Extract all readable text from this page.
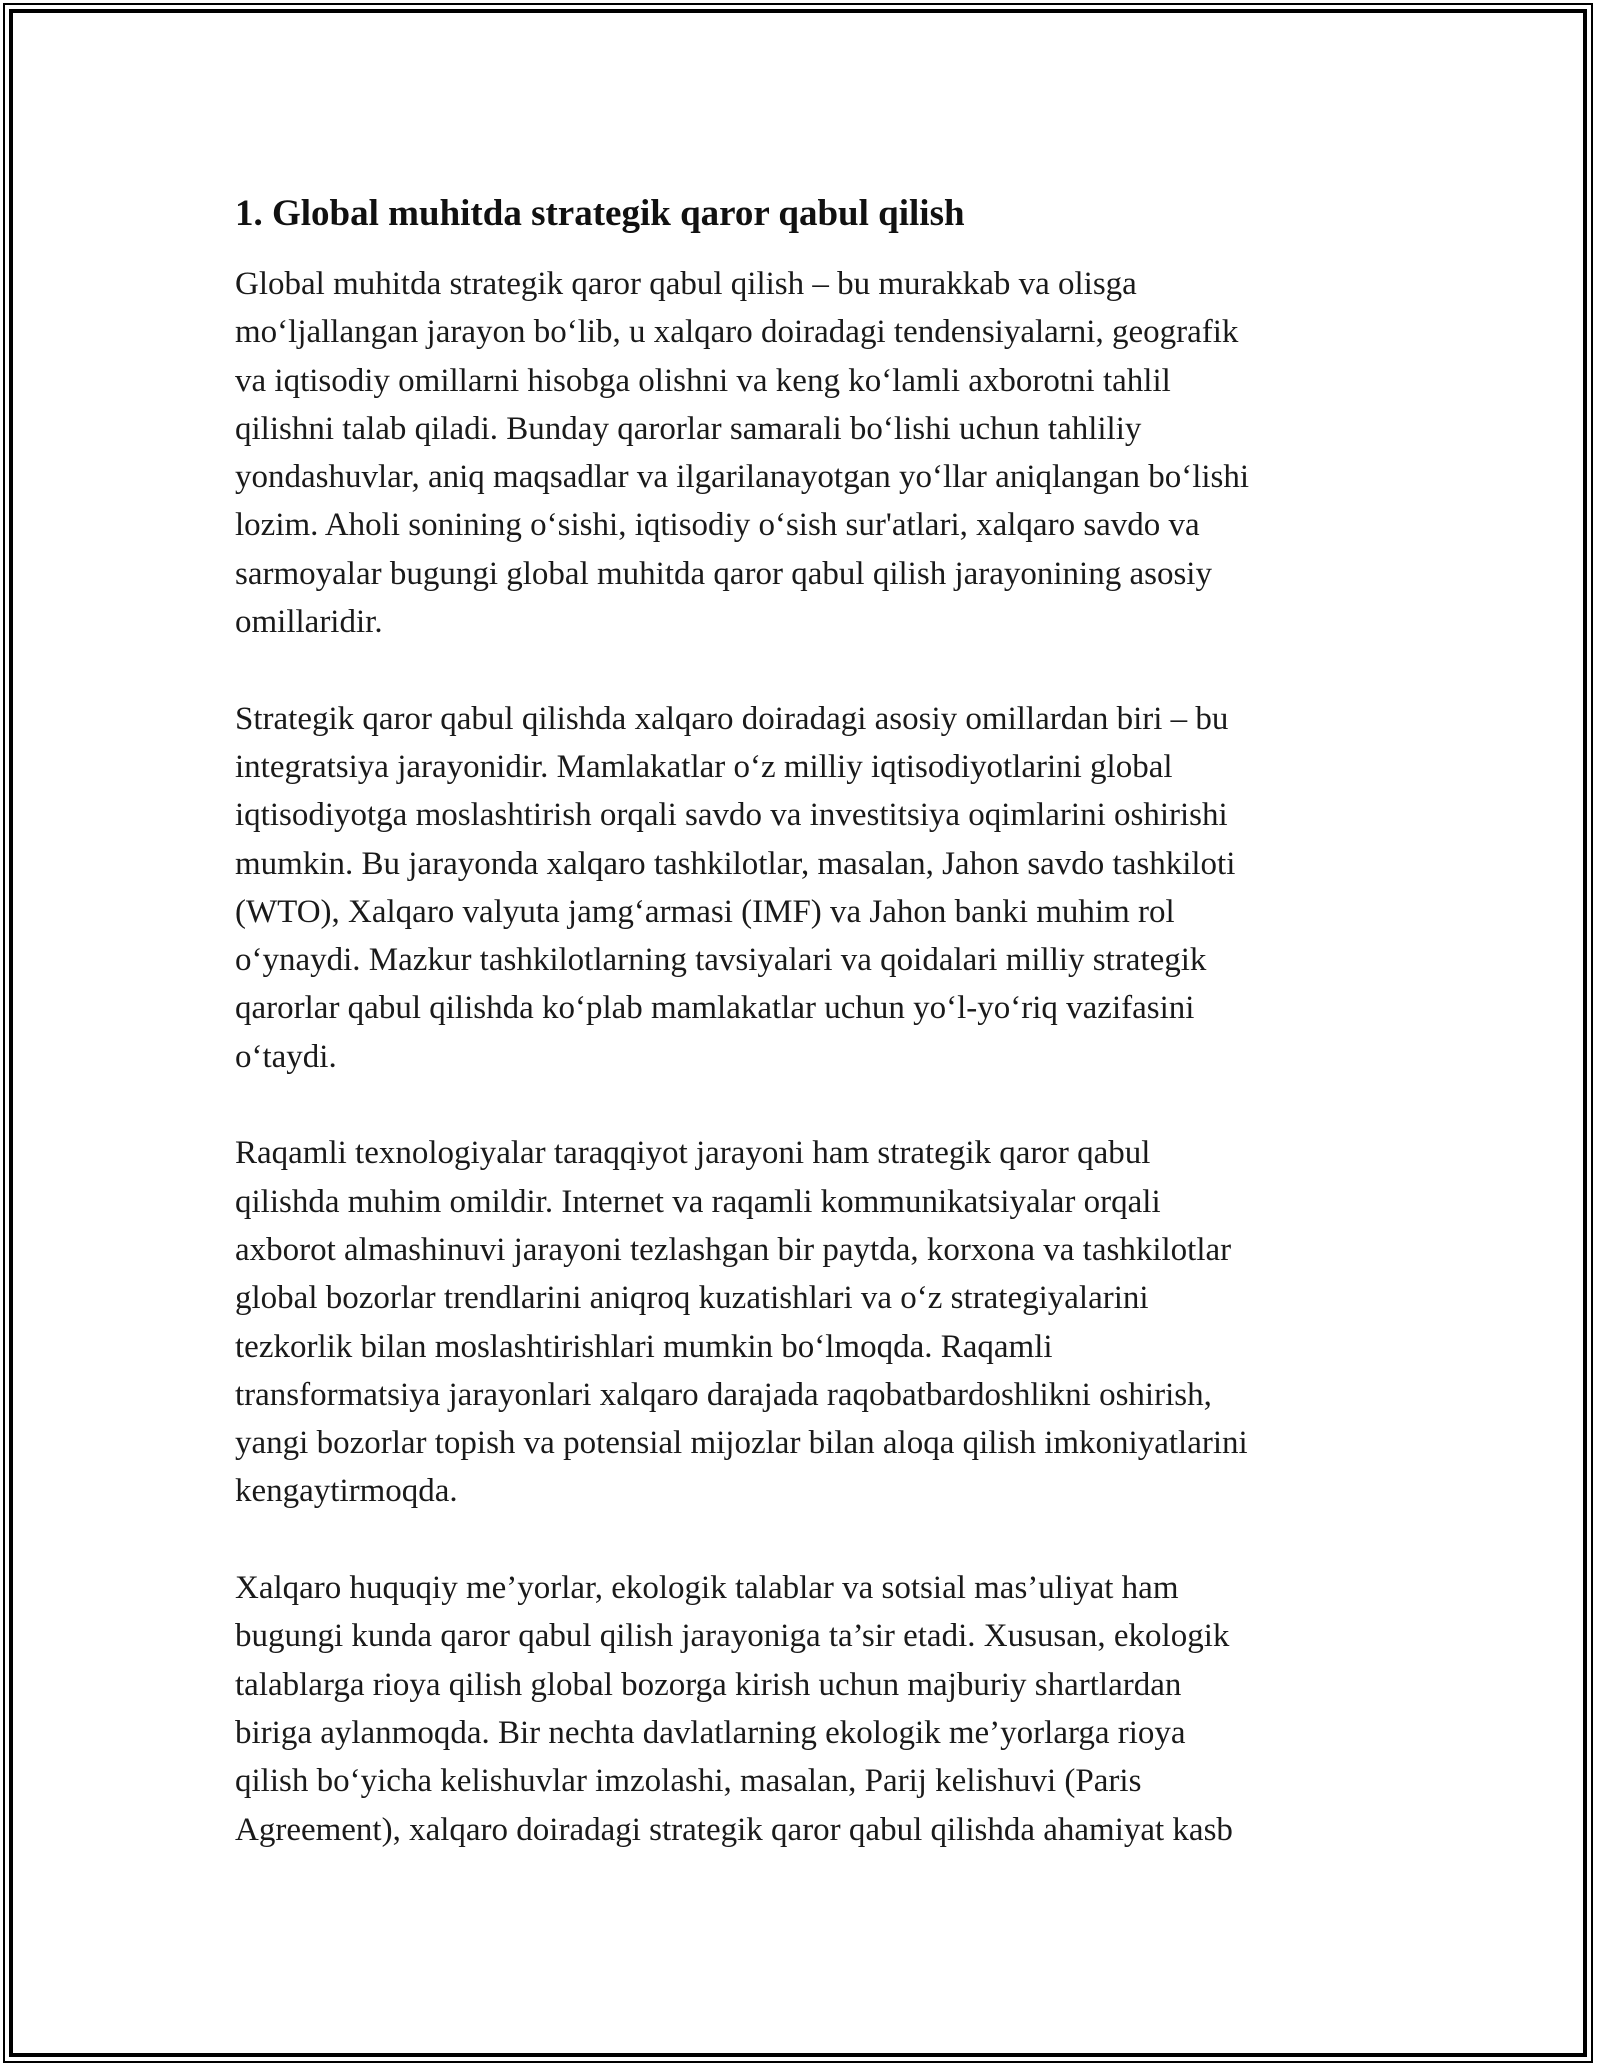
1. Global muhitda strategik qaror qabul qilish

Global muhitda strategik qaror qabul qilish – bu murakkab va olisga
mo‘ljallangan jarayon bo‘lib, u xalqaro doiradagi tendensiyalarni, geografik
va iqtisodiy omillarni hisobga olishni va keng ko‘lamli axborotni tahlil
qilishni talab qiladi. Bunday qarorlar samarali bo‘lishi uchun tahliliy
yondashuvlar, aniq maqsadlar va ilgarilanayotgan yo‘llar aniqlangan bo‘lishi
lozim. Aholi sonining o‘sishi, iqtisodiy o‘sish sur'atlari, xalqaro savdo va
sarmoyalar bugungi global muhitda qaror qabul qilish jarayonining asosiy
omillaridir.

Strategik qaror qabul qilishda xalqaro doiradagi asosiy omillardan biri – bu
integratsiya jarayonidir. Mamlakatlar o‘z milliy iqtisodiyotlarini global
iqtisodiyotga moslashtirish orqali savdo va investitsiya oqimlarini oshirishi
mumkin. Bu jarayonda xalqaro tashkilotlar, masalan, Jahon savdo tashkiloti
(WTO), Xalqaro valyuta jamg‘armasi (IMF) va Jahon banki muhim rol
o‘ynaydi. Mazkur tashkilotlarning tavsiyalari va qoidalari milliy strategik
qarorlar qabul qilishda ko‘plab mamlakatlar uchun yo‘l-yo‘riq vazifasini
o‘taydi.

Raqamli texnologiyalar taraqqiyot jarayoni ham strategik qaror qabul
qilishda muhim omildir. Internet va raqamli kommunikatsiyalar orqali
axborot almashinuvi jarayoni tezlashgan bir paytda, korxona va tashkilotlar
global bozorlar trendlarini aniqroq kuzatishlari va o‘z strategiyalarini
tezkorlik bilan moslashtirishlari mumkin bo‘lmoqda. Raqamli
transformatsiya jarayonlari xalqaro darajada raqobatbardoshlikni oshirish,
yangi bozorlar topish va potensial mijozlar bilan aloqa qilish imkoniyatlarini
kengaytirmoqda.

Xalqaro huquqiy me’yorlar, ekologik talablar va sotsial mas’uliyat ham
bugungi kunda qaror qabul qilish jarayoniga ta’sir etadi. Xususan, ekologik
talablarga rioya qilish global bozorga kirish uchun majburiy shartlardan
biriga aylanmoqda. Bir nechta davlatlarning ekologik me’yorlarga rioya
qilish bo‘yicha kelishuvlar imzolashi, masalan, Parij kelishuvi (Paris
Agreement), xalqaro doiradagi strategik qaror qabul qilishda ahamiyat kasb
